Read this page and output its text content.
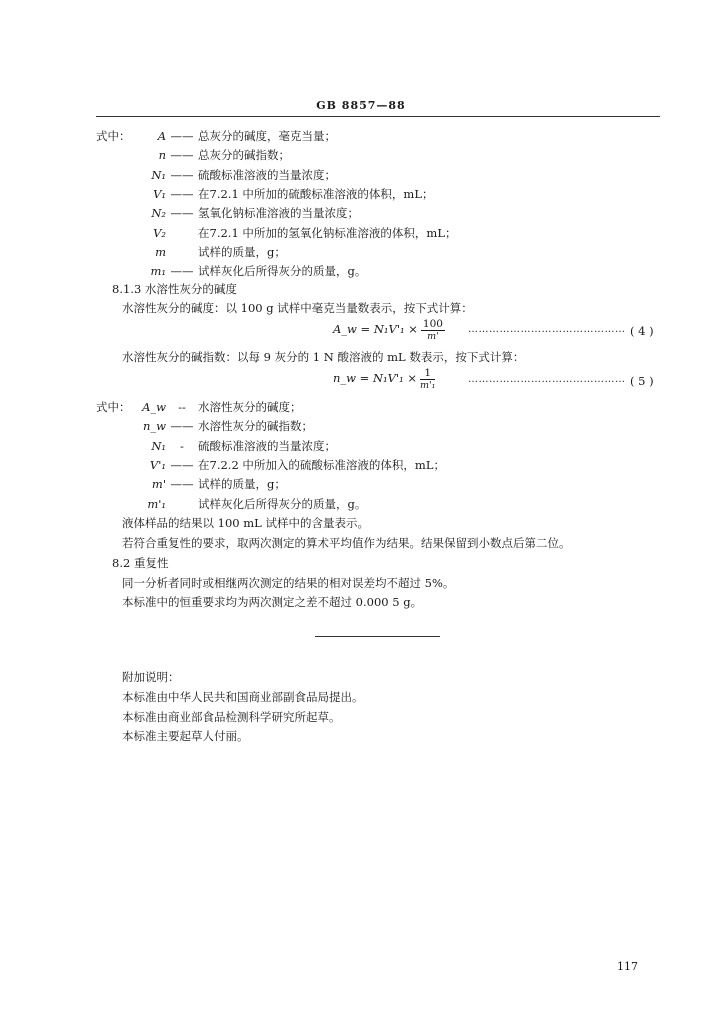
GB 8857—88
式中： A —— 总灰分的碱度，毫克当量；
n —— 总灰分的碱指数；
N₁ —— 硫酸标准溶液的当量浓度；
V₁ —— 在7.2.1 中所加的硫酸标准溶液的体积，mL；
N₂ —— 氢氧化钠标准溶液的当量浓度；
V₂	在7.2.1 中所加的氢氧化钠标准溶液的体积，mL；
m	试样的质量，g；
m₁ —— 试样灰化后所得灰分的质量，g。
8.1.3 水溶性灰分的碱度
水溶性灰分的碱度：以 100 g 试样中毫克当量数表示，按下式计算：
A_w = $N_1V'_1 \times \frac{100}{m'}$ ……………………………………… ( 4 )
水溶性灰分的碱指数：以每 9 灰分的 1 N 酸溶液的 mL 数表示，按下式计算：
n_w = $N_1V'_1 \times \frac{1}{\text{m'₁}}$	……………………………………… ( 5 )
式中： A_w -- 水溶性灰分的碱度；
n_w —— 水溶性灰分的碱指数；
N₁ - 硫酸标准溶液的当量浓度；
V'₁ —— 在7.2.2 中所加入的硫酸标准溶液的体积，mL；
m' —— 试样的质量，g；
m'₁	试样灰化后所得灰分的质量，g。
液体样品的结果以 100 mL 试样中的含量表示。
若符合重复性的要求，取两次测定的算术平均值作为结果。结果保留到小数点后第二位。
8.2 重复性
同一分析者同时或相继两次测定的结果的相对误差均不超过 5%。
本标准中的恒重要求均为两次测定之差不超过 0.000 5 g。
附加说明：
本标准由中华人民共和国商业部副食品局提出。
本标准由商业部食品检测科学研究所起草。
本标准主要起草人付丽。
117
